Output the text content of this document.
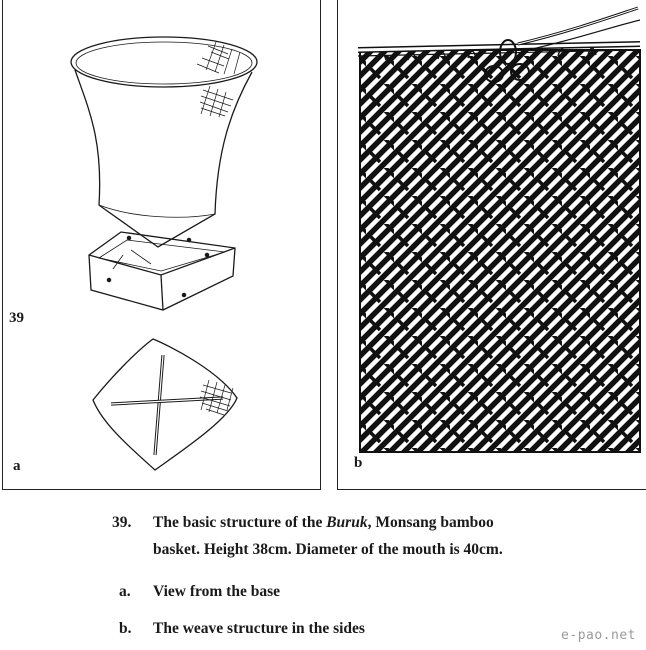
39
a	b
39. The basic structure of the Buruk, Monsang bamboo
basket. Height 38cm. Diameter of the mouth is 40cm.
a. View from the base
b. The weave structure in the sides	e-pao.net
